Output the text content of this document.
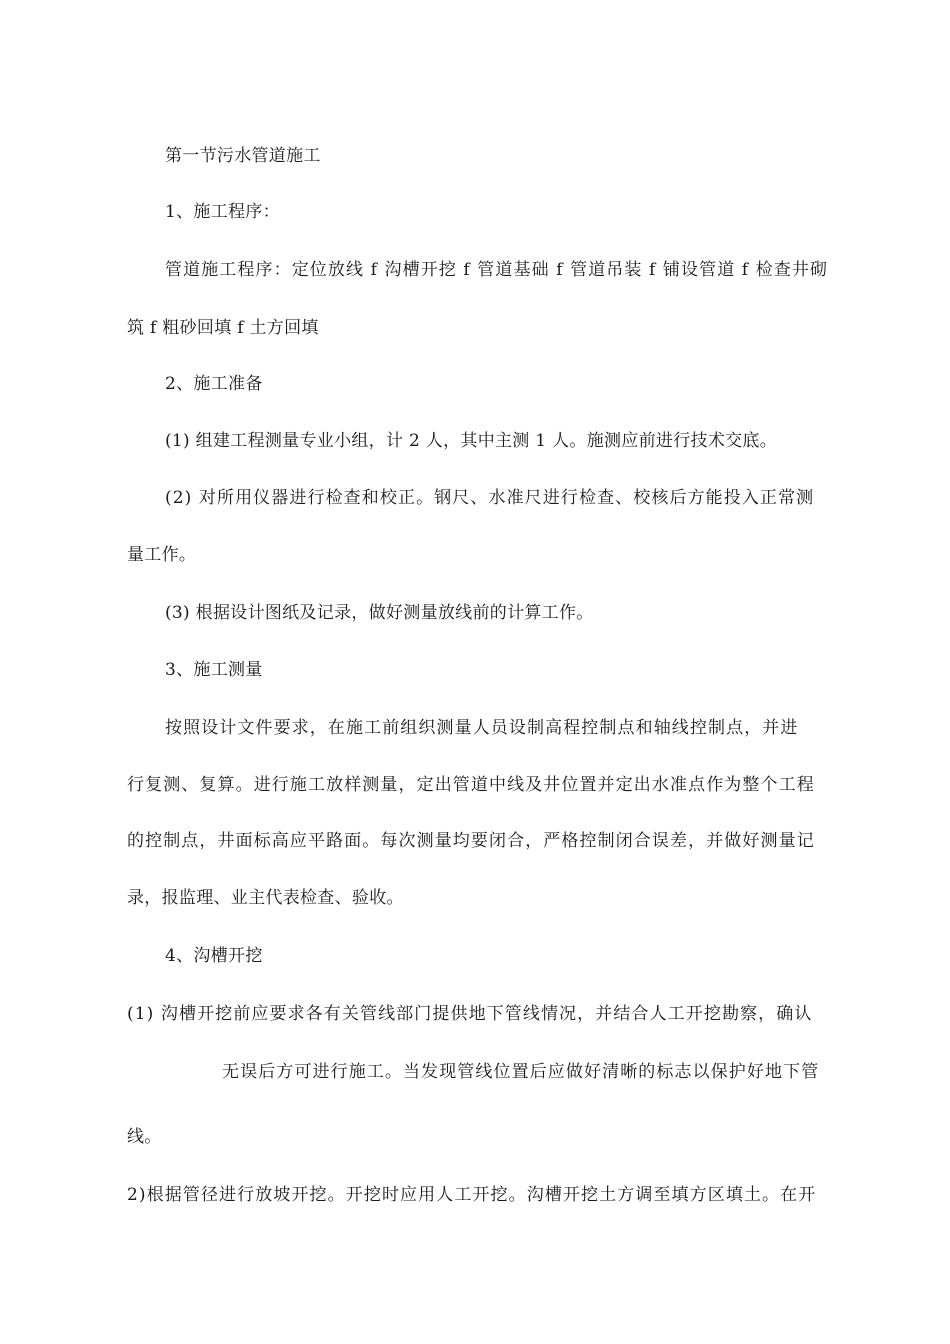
第一节污水管道施工
1、施工程序：
管道施工程序：定位放线 f 沟槽开挖 f 管道基础 f 管道吊装 f 铺设管道 f 检查井砌
筑 f 粗砂回填 f 土方回填
2、施工准备
(1) 组建工程测量专业小组，计 2 人，其中主测 1 人。施测应前进行技术交底。
(2) 对所用仪器进行检查和校正。钢尺、水准尺进行检查、校核后方能投入正常测
量工作。
(3) 根据设计图纸及记录，做好测量放线前的计算工作。
3、施工测量
按照设计文件要求，在施工前组织测量人员设制高程控制点和轴线控制点，并进
行复测、复算。进行施工放样测量，定出管道中线及井位置并定出水准点作为整个工程
的控制点，井面标高应平路面。每次测量均要闭合，严格控制闭合误差，并做好测量记
录，报监理、业主代表检查、验收。
4、沟槽开挖
(1) 沟槽开挖前应要求各有关管线部门提供地下管线情况，并结合人工开挖勘察，确认
无误后方可进行施工。当发现管线位置后应做好清晰的标志以保护好地下管
线。
2)根据管径进行放坡开挖。开挖时应用人工开挖。沟槽开挖土方调至填方区填土。在开
